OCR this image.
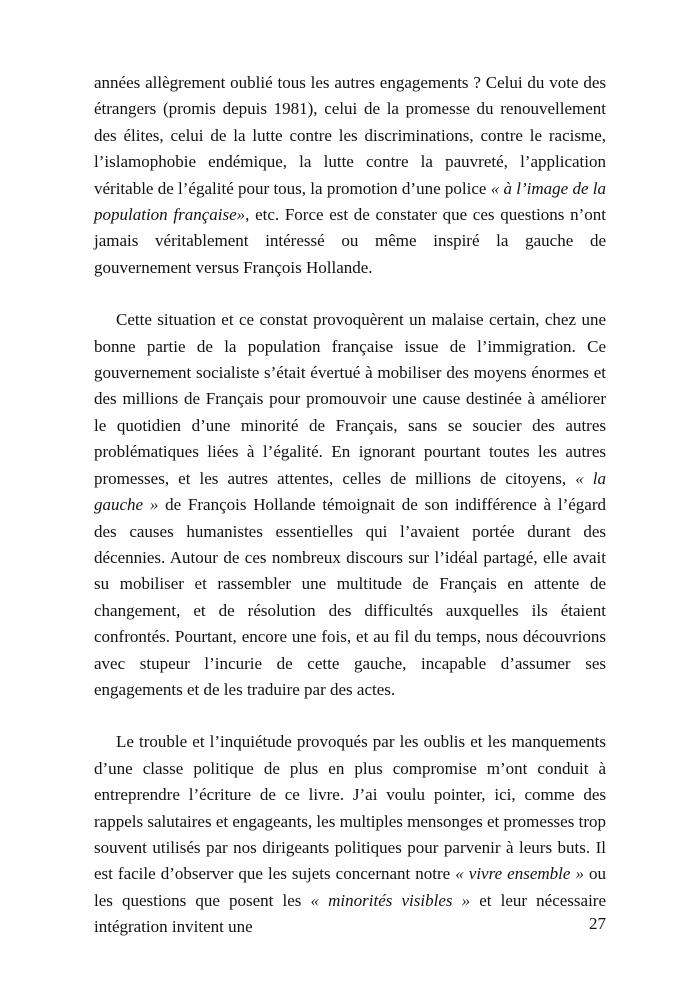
années allègrement oublié tous les autres engagements ? Celui du vote des étrangers (promis depuis 1981), celui de la promesse du renouvellement des élites, celui de la lutte contre les discriminations, contre le racisme, l’islamophobie endémique, la lutte contre la pauvreté, l’application véritable de l’égalité pour tous, la promotion d’une police « à l’image de la population française», etc. Force est de constater que ces questions n’ont jamais véritablement intéressé ou même inspiré la gauche de gouvernement versus François Hollande.

Cette situation et ce constat provoquèrent un malaise certain, chez une bonne partie de la population française issue de l’immigration. Ce gouvernement socialiste s’était évertué à mobiliser des moyens énormes et des millions de Français pour promouvoir une cause destinée à améliorer le quotidien d’une minorité de Français, sans se soucier des autres problématiques liées à l’égalité. En ignorant pourtant toutes les autres promesses, et les autres attentes, celles de millions de citoyens, « la gauche » de François Hollande témoignait de son indifférence à l’égard des causes humanistes essentielles qui l’avaient portée durant des décennies. Autour de ces nombreux discours sur l’idéal partagé, elle avait su mobiliser et rassembler une multitude de Français en attente de changement, et de résolution des difficultés auxquelles ils étaient confrontés. Pourtant, encore une fois, et au fil du temps, nous découvrions avec stupeur l’incurie de cette gauche, incapable d’assumer ses engagements et de les traduire par des actes.

Le trouble et l’inquiétude provoqués par les oublis et les manquements d’une classe politique de plus en plus compromise m’ont conduit à entreprendre l’écriture de ce livre. J’ai voulu pointer, ici, comme des rappels salutaires et engageants, les multiples mensonges et promesses trop souvent utilisés par nos dirigeants politiques pour parvenir à leurs buts. Il est facile d’observer que les sujets concernant notre « vivre ensemble » ou les questions que posent les « minorités visibles » et leur nécessaire intégration invitent une	27
